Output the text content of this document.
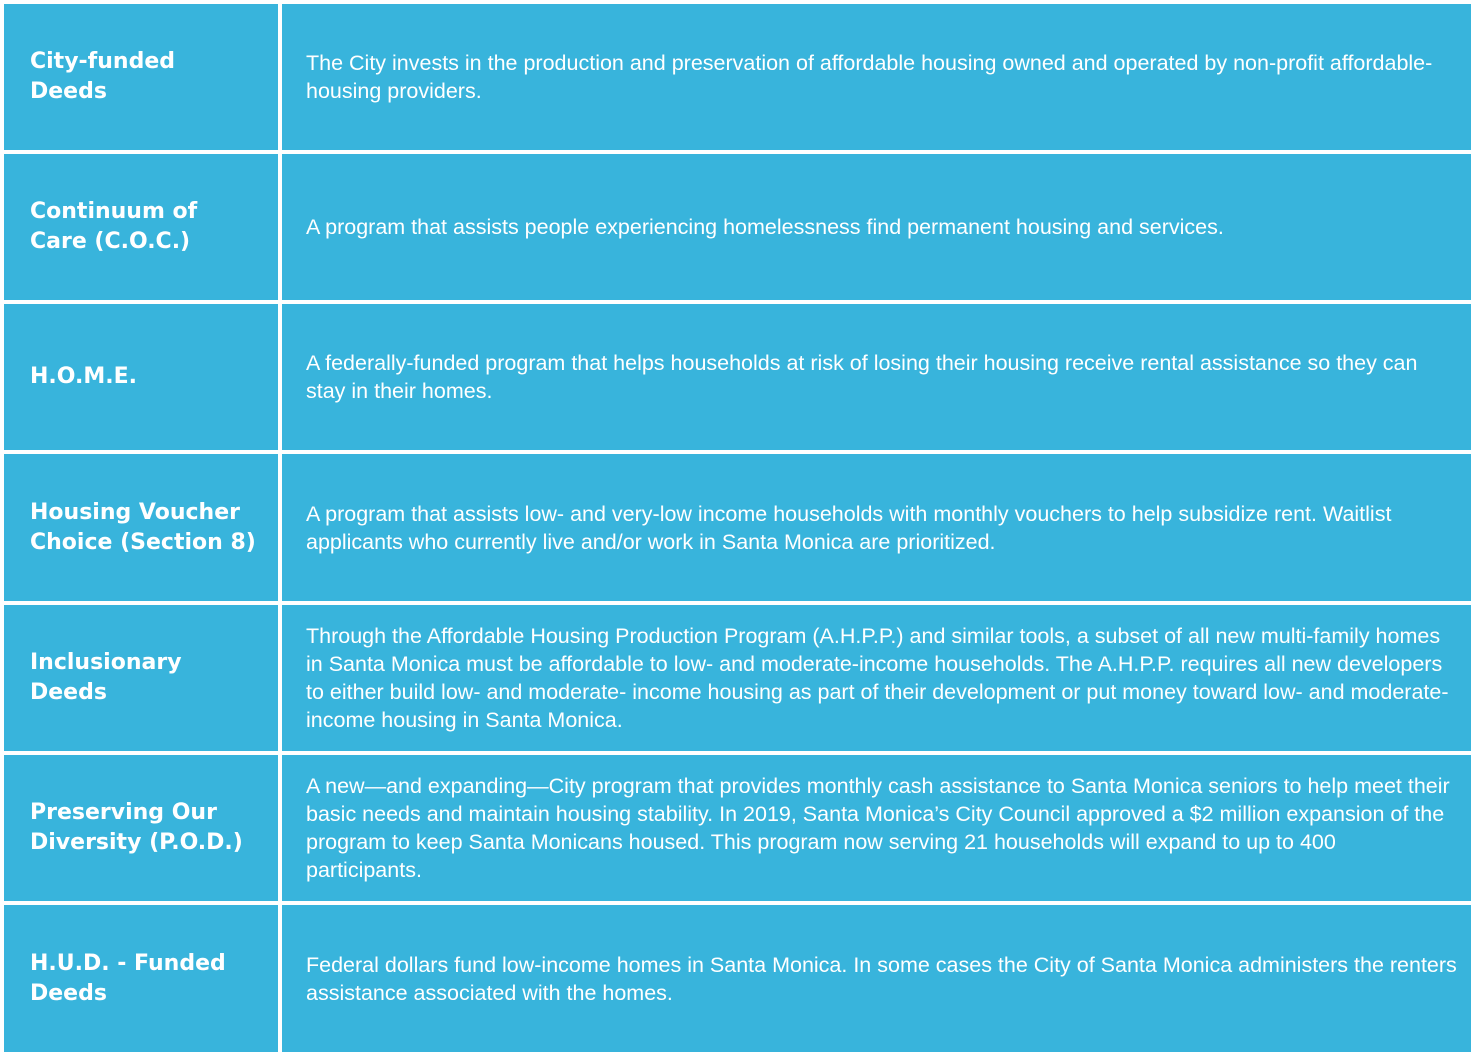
City-funded Deeds
The City invests in the production and preservation of affordable housing owned and operated by non-profit affordable-housing providers.
Continuum of Care (C.O.C.)
A program that assists people experiencing homelessness find permanent housing and services.
H.O.M.E.
A federally-funded program that helps households at risk of losing their housing receive rental assistance so they can stay in their homes.
Housing Voucher Choice (Section 8)
A program that assists low- and very-low income households with monthly vouchers to help subsidize rent. Waitlist applicants who currently live and/or work in Santa Monica are prioritized.
Inclusionary Deeds
Through the Affordable Housing Production Program (A.H.P.P.) and similar tools, a subset of all new multi-family homes in Santa Monica must be affordable to low- and moderate-income households. The A.H.P.P. requires all new developers to either build low- and moderate- income housing as part of their development or put money toward low- and moderate- income housing in Santa Monica.
Preserving Our Diversity (P.O.D.)
A new—and expanding—City program that provides monthly cash assistance to Santa Monica seniors to help meet their basic needs and maintain housing stability. In 2019, Santa Monica’s City Council approved a $2 million expansion of the program to keep Santa Monicans housed. This program now serving 21 households will expand to up to 400 participants.
H.U.D. - Funded Deeds
Federal dollars fund low-income homes in Santa Monica. In some cases the City of Santa Monica administers the renters assistance associated with the homes.
